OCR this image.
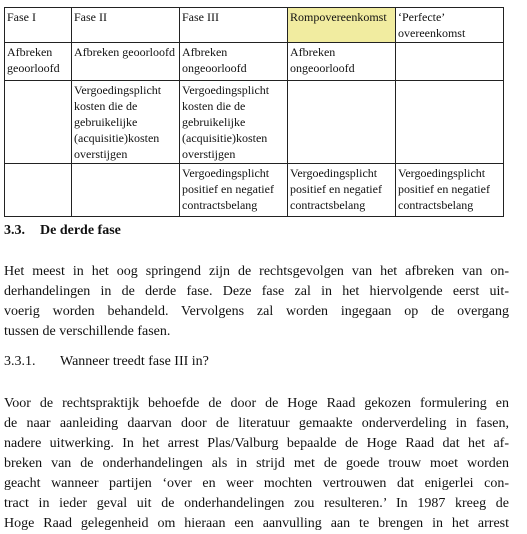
Fase I	Fase II	Fase III	Rompovereenkomst	‘Perfecte’ overeenkomst
Afbreken geoorloofd	Afbreken geoorloofd	Afbreken ongeoorloofd	Afbreken ongeoorloofd	
	Vergoedingsplicht kosten die de gebruikelijke (acquisitie)kosten overstijgen	Vergoedingsplicht kosten die de gebruikelijke (acquisitie)kosten overstijgen		
		Vergoedingsplicht positief en negatief contractsbelang	Vergoedingsplicht positief en negatief contractsbelang	Vergoedingsplicht positief en negatief contractsbelang
3.3. De derde fase

Het meest in het oog springend zijn de rechtsgevolgen van het afbreken van on-
derhandelingen in de derde fase. Deze fase zal in het hiervolgende eerst uit-
voerig worden behandeld. Vervolgens zal worden ingegaan op de overgang
tussen de verschillende fasen.

3.3.1. Wanneer treedt fase III in?

Voor de rechtspraktijk behoefde de door de Hoge Raad gekozen formulering en
de naar aanleiding daarvan door de literatuur gemaakte onderverdeling in fasen,
nadere uitwerking. In het arrest Plas/Valburg bepaalde de Hoge Raad dat het af-
breken van de onderhandelingen als in strijd met de goede trouw moet worden
geacht wanneer partijen ‘over en weer mochten vertrouwen dat enigerlei con-
tract in ieder geval uit de onderhandelingen zou resulteren.’ In 1987 kreeg de
Hoge Raad gelegenheid om hieraan een aanvulling aan te brengen in het arrest
